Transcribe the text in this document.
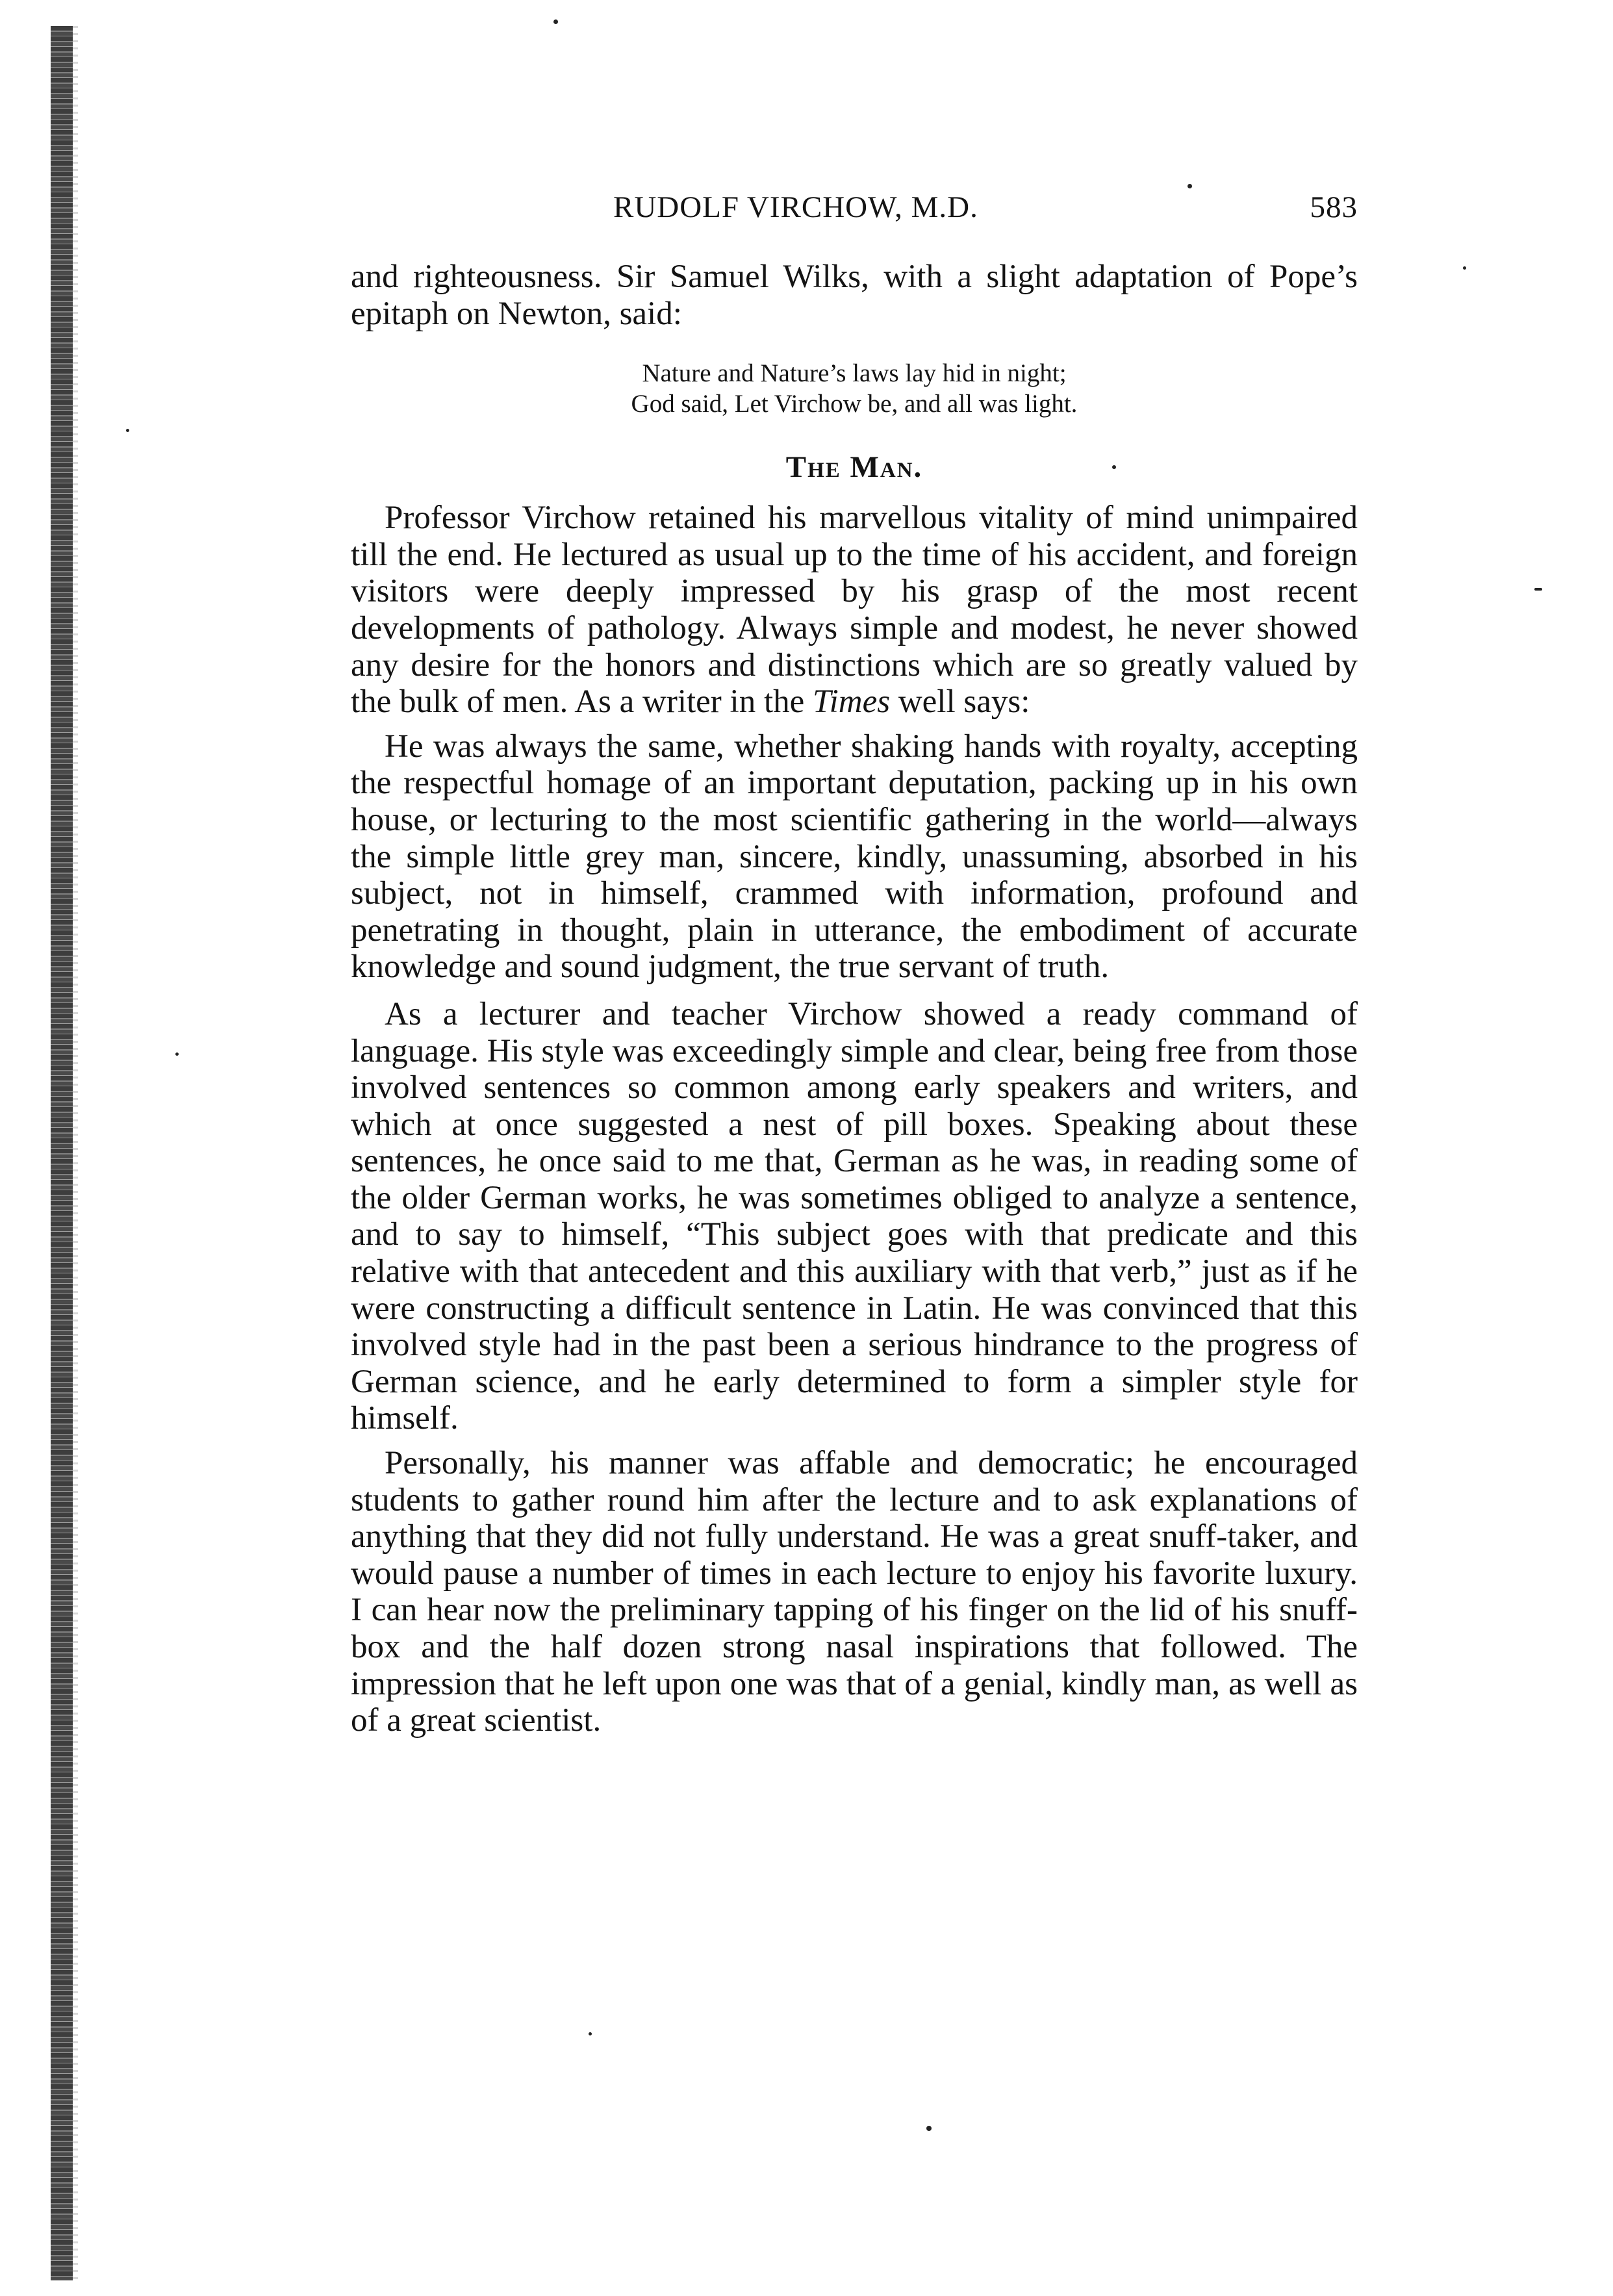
RUDOLF VIRCHOW, M.D.	583

and righteousness. Sir Samuel Wilks, with a slight adaptation of Pope’s epitaph on Newton, said:

Nature and Nature’s laws lay hid in night;
God said, Let Virchow be, and all was light.
The Man.

Professor Virchow retained his marvellous vitality of mind unimpaired till the end. He lectured as usual up to the time of his accident, and foreign visitors were deeply impressed by his grasp of the most recent developments of pathology. Always simple and modest, he never showed any desire for the honors and distinctions which are so greatly valued by the bulk of men. As a writer in the Times well says:

He was always the same, whether shaking hands with royalty, accepting the respectful homage of an important deputation, packing up in his own house, or lecturing to the most scientific gathering in the world—always the simple little grey man, sincere, kindly, unassuming, absorbed in his subject, not in himself, crammed with information, profound and penetrating in thought, plain in utterance, the embodiment of accurate knowledge and sound judgment, the true servant of truth.

As a lecturer and teacher Virchow showed a ready command of language. His style was exceedingly simple and clear, being free from those involved sentences so common among early speakers and writers, and which at once suggested a nest of pill boxes. Speaking about these sentences, he once said to me that, German as he was, in reading some of the older German works, he was sometimes obliged to analyze a sentence, and to say to himself, “This subject goes with that predicate and this relative with that antecedent and this auxiliary with that verb,” just as if he were constructing a difficult sentence in Latin. He was convinced that this involved style had in the past been a serious hindrance to the progress of German science, and he early determined to form a simpler style for himself.

Personally, his manner was affable and democratic; he encouraged students to gather round him after the lecture and to ask explanations of anything that they did not fully understand. He was a great snuff-taker, and would pause a number of times in each lecture to enjoy his favorite luxury. I can hear now the preliminary tapping of his finger on the lid of his snuff-box and the half dozen strong nasal inspirations that followed. The impression that he left upon one was that of a genial, kindly man, as well as of a great scientist.
